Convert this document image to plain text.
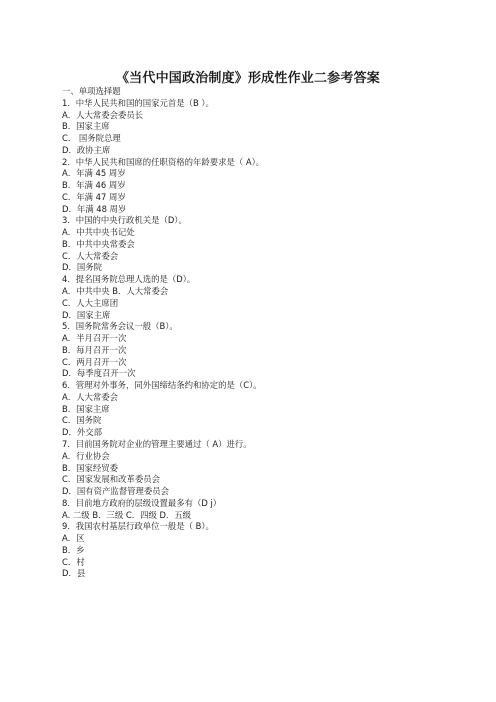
《当代中国政治制度》形成性作业二参考答案
一、单项选择题
1．中华人民共和国的国家元首是（B ）。
A．人大常委会委员长
B．国家主席
C． 国务院总理
D．政协主席
2．中华人民共和国席的任职资格的年龄要求是（ A）。
A．年满 45 周岁
B．年满 46 周岁
C．年满 47 周岁
D．年满 48 周岁
3．中国的中央行政机关是（D）。
A．中共中央书记处
B．中共中央常委会
C．人大常委会
D．国务院
4．提名国务院总理人选的是（D）。
A．中共中央 B．人大常委会
C．人大主席团
D．国家主席
5．国务院常务会议一般（B）。
A．半月召开一次
B．每月召开一次
C．两月召开一次
D．每季度召开一次
6．管理对外事务，同外国缔结条约和协定的是（C）。
A．人大常委会
B．国家主席
C．国务院
D．外交部
7．目前国务院对企业的管理主要通过（ A）进行。
A．行业协会
B．国家经贸委
C．国家发展和改革委员会
D．国有资产监督管理委员会
8．目前地方政府的层级设置最多有（D j）
A. 二级 B．三级 C．四级 D．五级
9．我国农村基层行政单位一般是（ B）。
A．区
B．乡
C．村
D．县
